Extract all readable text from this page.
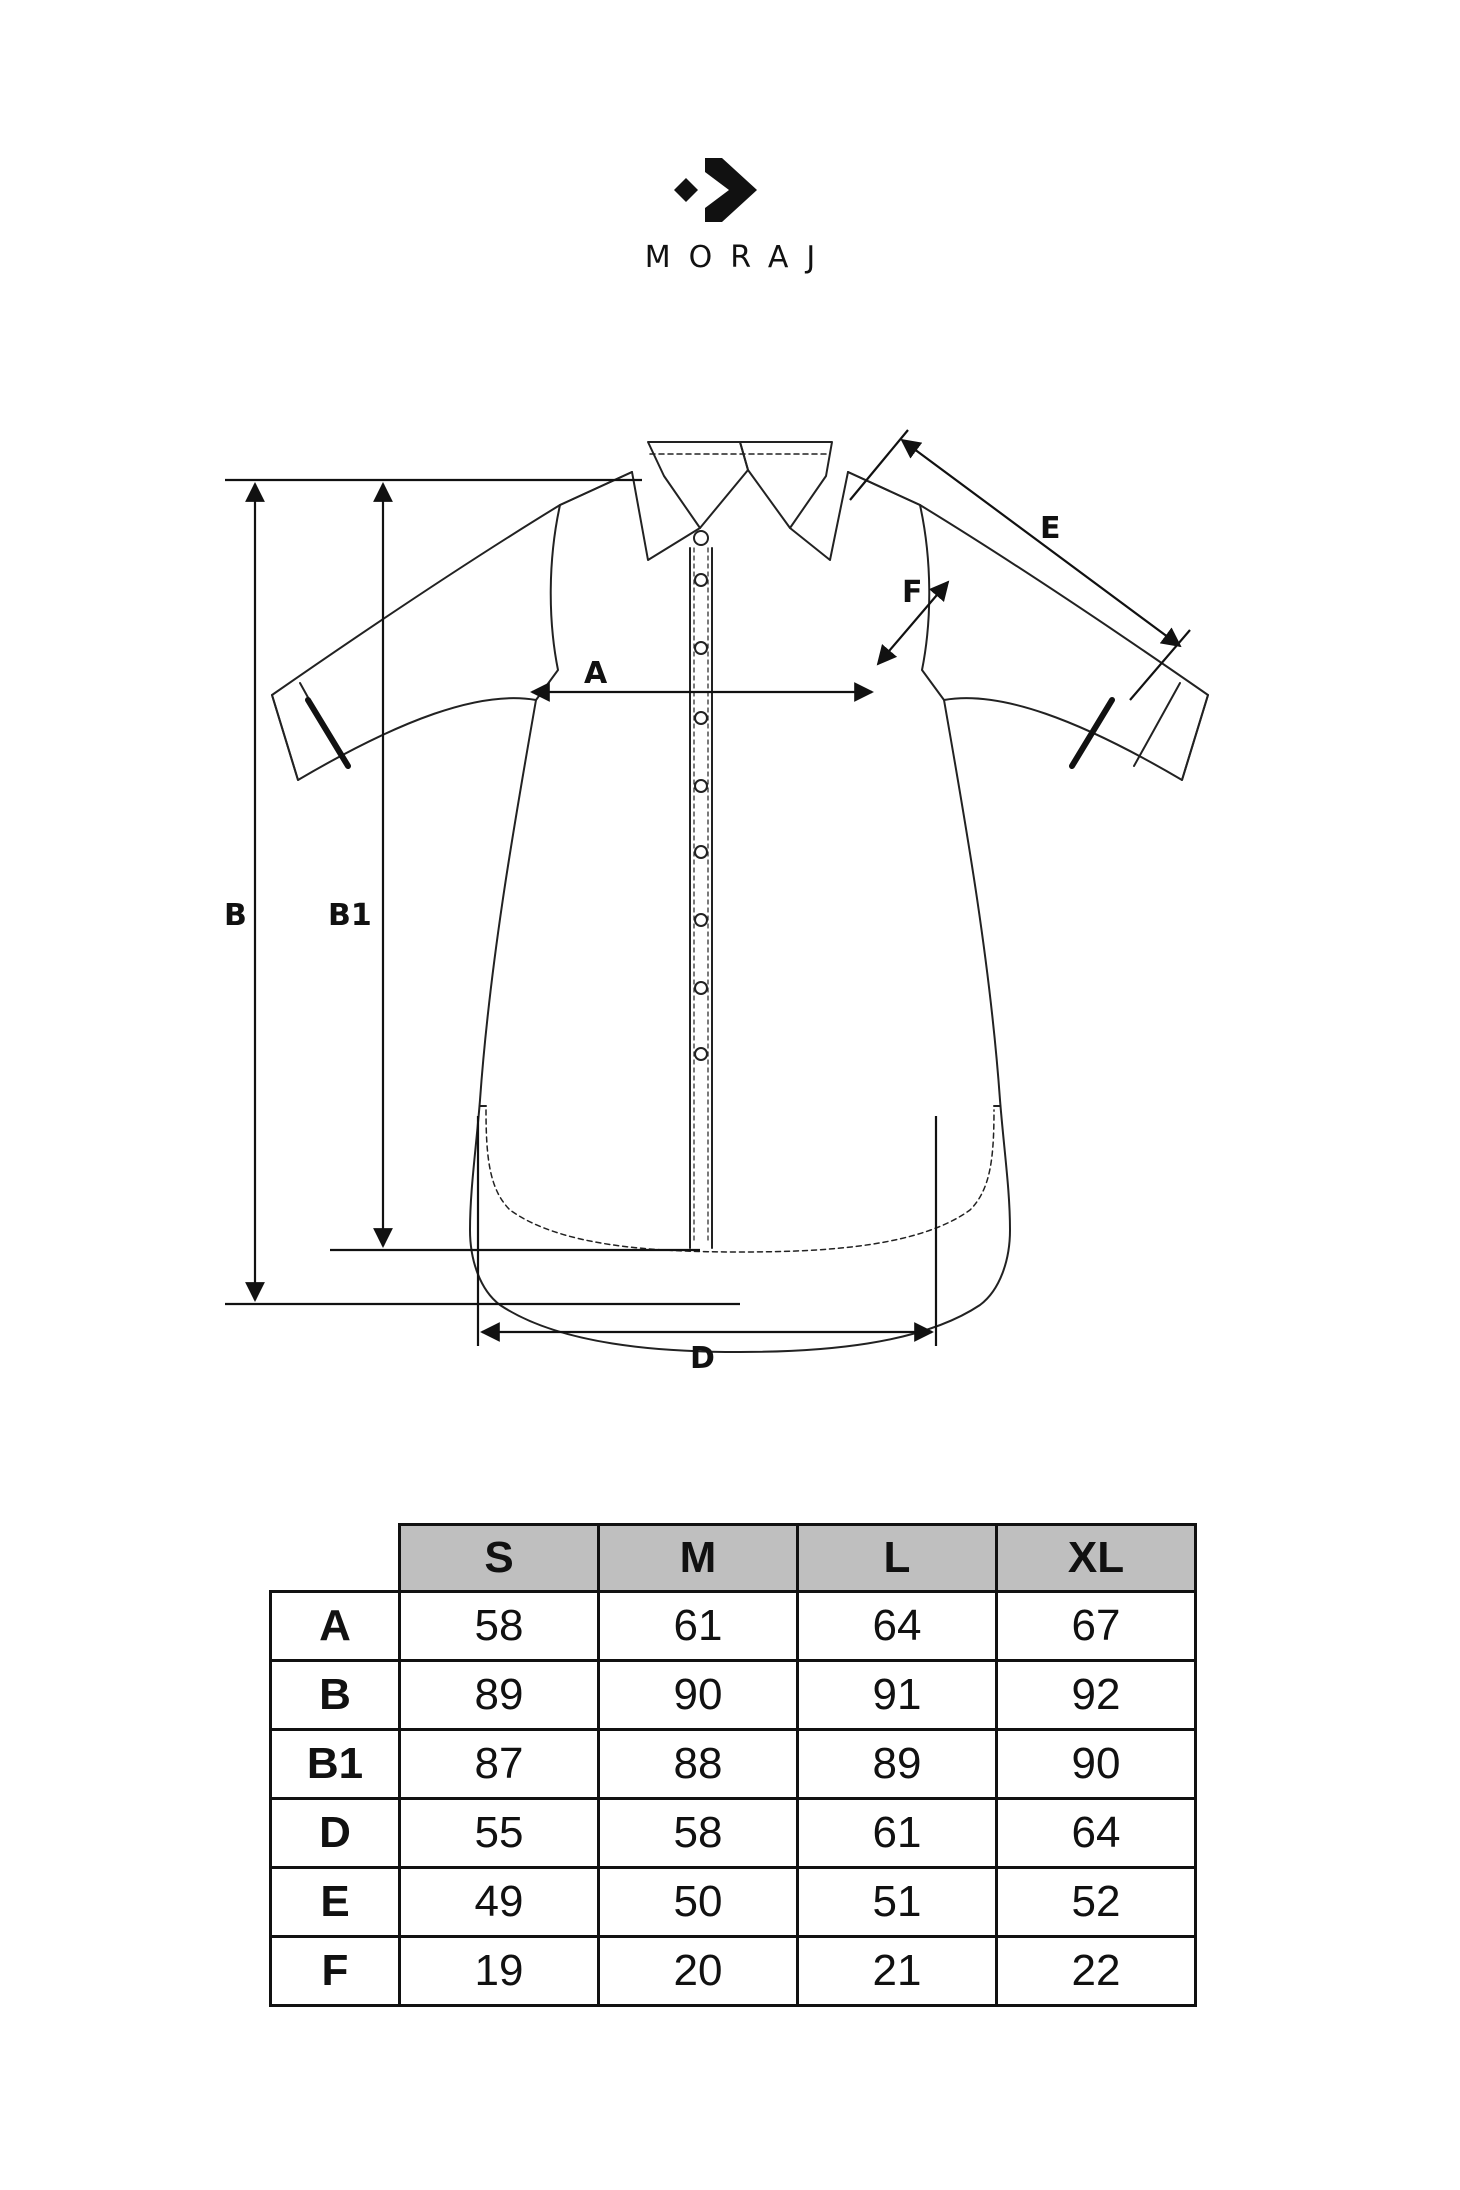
MORAJ
B	B1
A
D
E
F
	S	M	L	XL
A	58	61	64	67
B	89	90	91	92
B1	87	88	89	90
D	55	58	61	64
E	49	50	51	52
F	19	20	21	22
